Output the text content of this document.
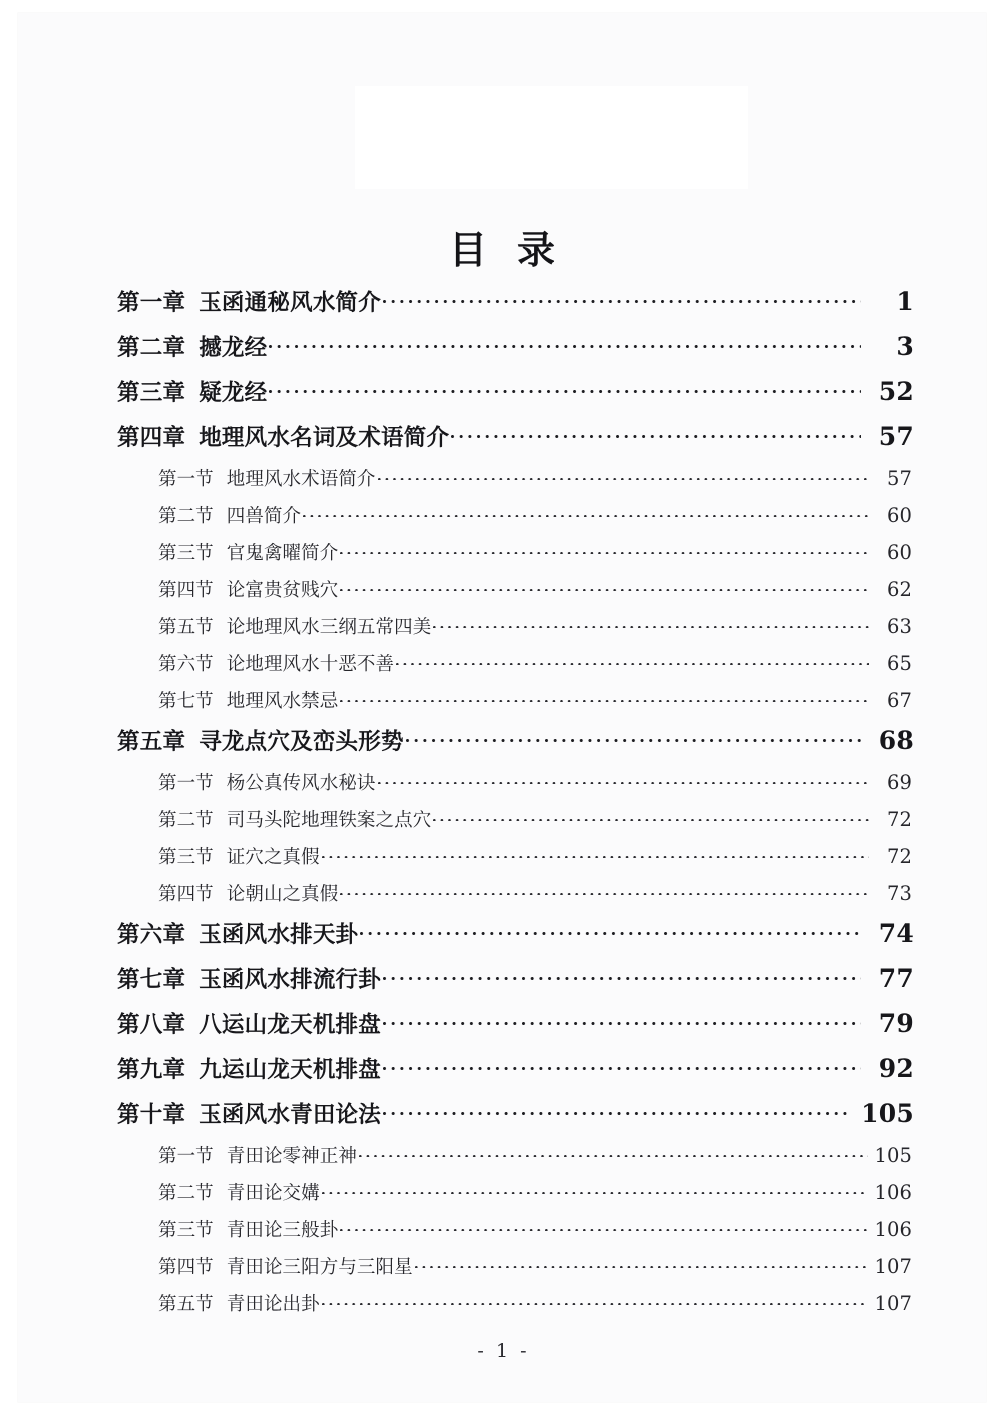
目 录
第一章 玉函通秘风水简介	1
第二章 撼龙经	3
第三章 疑龙经	52
第四章 地理风水名词及术语简介	57
第一节 地理风水术语简介	57
第二节 四兽简介	60
第三节 官鬼禽曜简介	60
第四节 论富贵贫贱穴	62
第五节 论地理风水三纲五常四美	63
第六节 论地理风水十恶不善	65
第七节 地理风水禁忌	67
第五章 寻龙点穴及峦头形势	68
第一节 杨公真传风水秘诀	69
第二节 司马头陀地理铁案之点穴	72
第三节 证穴之真假	72
第四节 论朝山之真假	73
第六章 玉函风水排天卦	74
第七章 玉函风水排流行卦	77
第八章 八运山龙天机排盘	79
第九章 九运山龙天机排盘	92
第十章 玉函风水青田论法	105
第一节 青田论零神正神	105
第二节 青田论交媾	106
第三节 青田论三般卦	106
第四节 青田论三阳方与三阳星	107
第五节 青田论出卦	107
- 1 -
